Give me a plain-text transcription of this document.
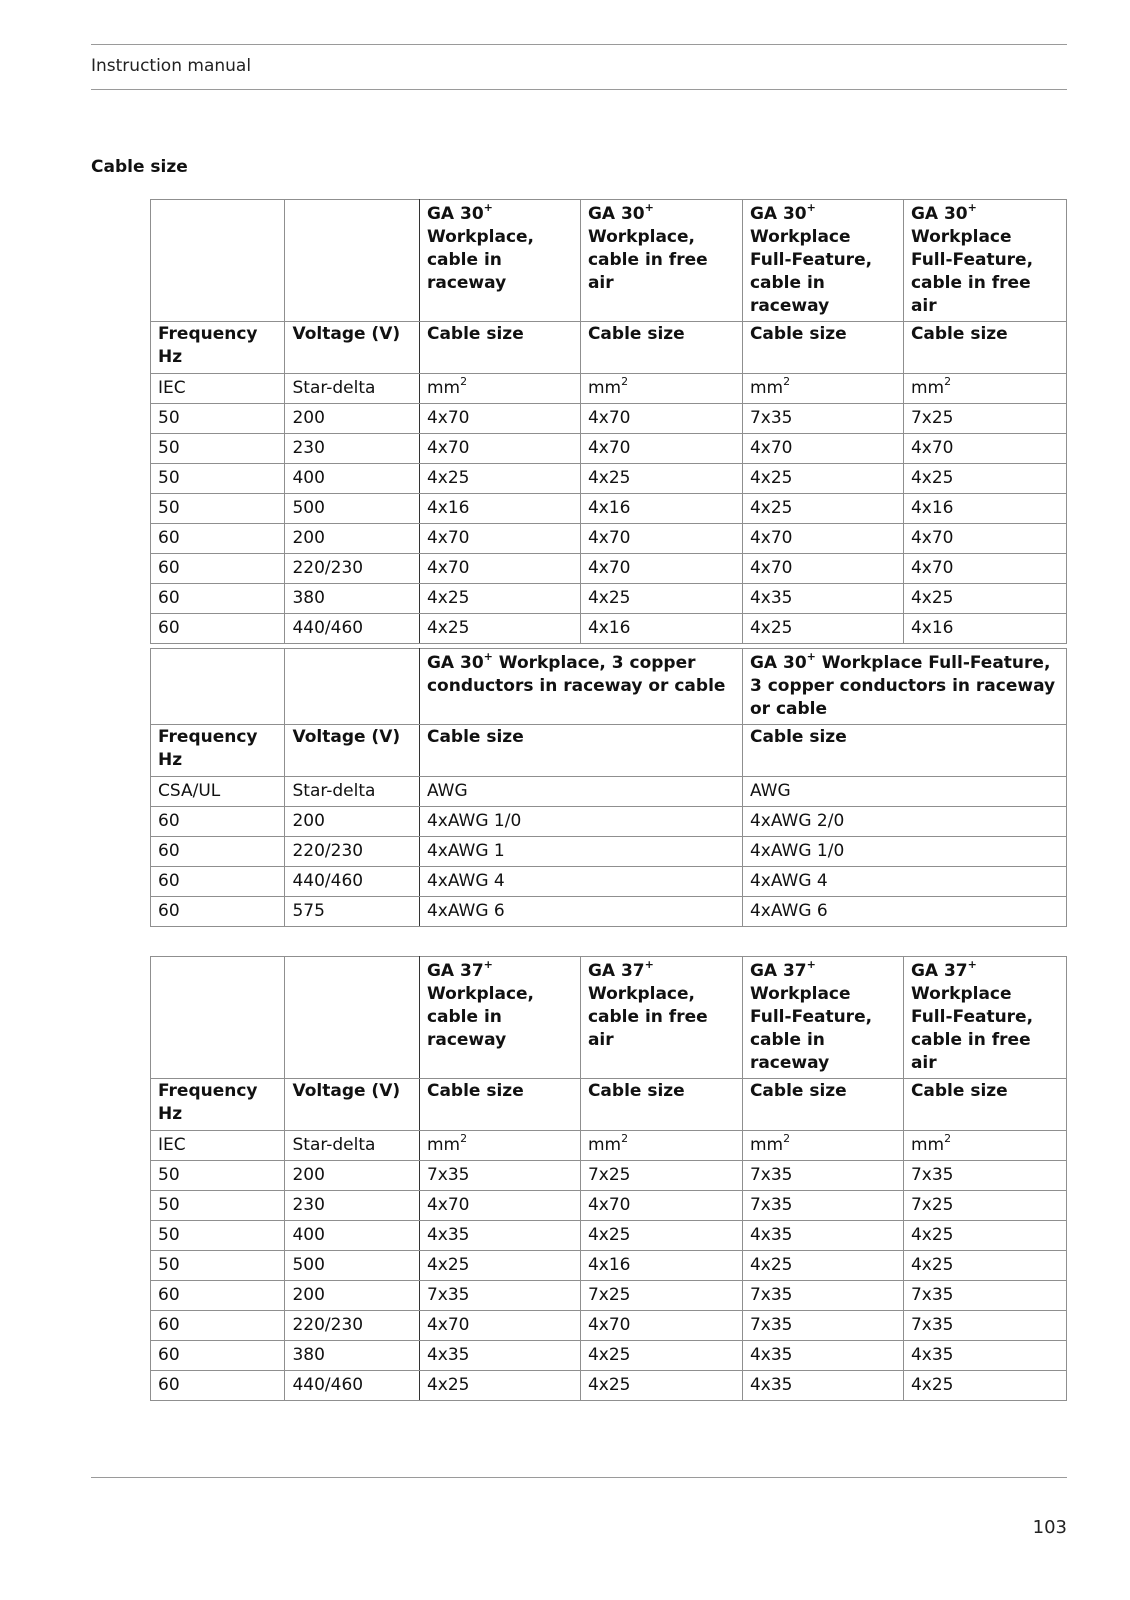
Instruction manual
Cable size
		GA 30+ Workplace, cable in raceway	GA 30+ Workplace, cable in free air	GA 30+ Workplace Full-Feature, cable in raceway	GA 30+ Workplace Full-Feature, cable in free air
Frequency Hz	Voltage (V)	Cable size	Cable size	Cable size	Cable size
IEC	Star-delta	$mm^2$	$mm^2$	$mm^2$	$mm^2$
50	200	4x70	4x70	7x35	7x25
50	230	4x70	4x70	4x70	4x70
50	400	4x25	4x25	4x25	4x25
50	500	4x16	4x16	4x25	4x16
60	200	4x70	4x70	4x70	4x70
60	220/230	4x70	4x70	4x70	4x70
60	380	4x25	4x25	4x35	4x25
60	440/460	4x25	4x16	4x25	4x16
		GA 30+ Workplace, 3 copper conductors in raceway or cable	GA 30+ Workplace Full-Feature, 3 copper conductors in raceway or cable
Frequency Hz	Voltage (V)	Cable size	Cable size
CSA/UL	Star-delta	AWG	AWG
60	200	4xAWG 1/0	4xAWG 2/0
60	220/230	4xAWG 1	4xAWG 1/0
60	440/460	4xAWG 4	4xAWG 4
60	575	4xAWG 6	4xAWG 6
		GA 37+ Workplace, cable in raceway	GA 37+ Workplace, cable in free air	GA 37+ Workplace Full-Feature, cable in raceway	GA 37+ Workplace Full-Feature, cable in free air
Frequency Hz	Voltage (V)	Cable size	Cable size	Cable size	Cable size
IEC	Star-delta	$mm^2$	$mm^2$	$mm^2$	$mm^2$
50	200	7x35	7x25	7x35	7x35
50	230	4x70	4x70	7x35	7x25
50	400	4x35	4x25	4x35	4x25
50	500	4x25	4x16	4x25	4x25
60	200	7x35	7x25	7x35	7x35
60	220/230	4x70	4x70	7x35	7x35
60	380	4x35	4x25	4x35	4x35
60	440/460	4x25	4x25	4x35	4x25
103
